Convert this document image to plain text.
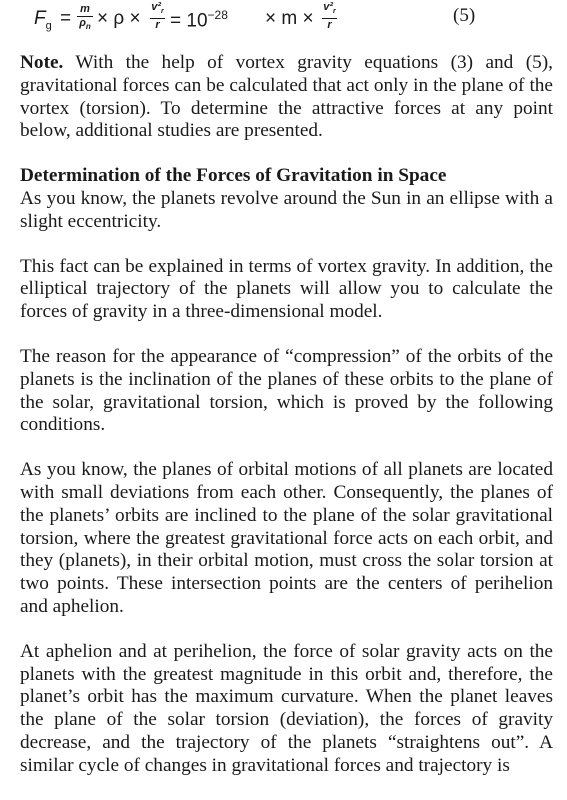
$F_g = m$
$\rho_n \times \rho$ ×
$v^2_r$
$r = 10^{-28} \times m$ ×
$v^2_r$
r	(5)

Note. With the help of vortex gravity equations (3) and (5), gravitational forces can be calculated that act only in the plane of the vortex (torsion). To determine the attractive forces at any point below, additional studies are presented.

Determination of the Forces of Gravitation in Space

As you know, the planets revolve around the Sun in an ellipse with a slight eccentricity.

This fact can be explained in terms of vortex gravity. In addition, the elliptical trajectory of the planets will allow you to calculate the forces of gravity in a three-dimensional model.

The reason for the appearance of “compression” of the orbits of the planets is the inclination of the planes of these orbits to the plane of the solar, gravitational torsion, which is proved by the following conditions.

As you know, the planes of orbital motions of all planets are located with small deviations from each other. Consequently, the planes of the planets’ orbits are inclined to the plane of the solar gravitational torsion, where the greatest gravitational force acts on each orbit, and they (planets), in their orbital motion, must cross the solar torsion at two points. These intersection points are the centers of perihelion and aphelion.

At aphelion and at perihelion, the force of solar gravity acts on the planets with the greatest magnitude in this orbit and, therefore, the planet’s orbit has the maximum curvature. When the planet leaves the plane of the solar torsion (deviation), the forces of gravity decrease, and the trajectory of the planets “straightens out”. A similar cycle of changes in gravitational forces and trajectory is
